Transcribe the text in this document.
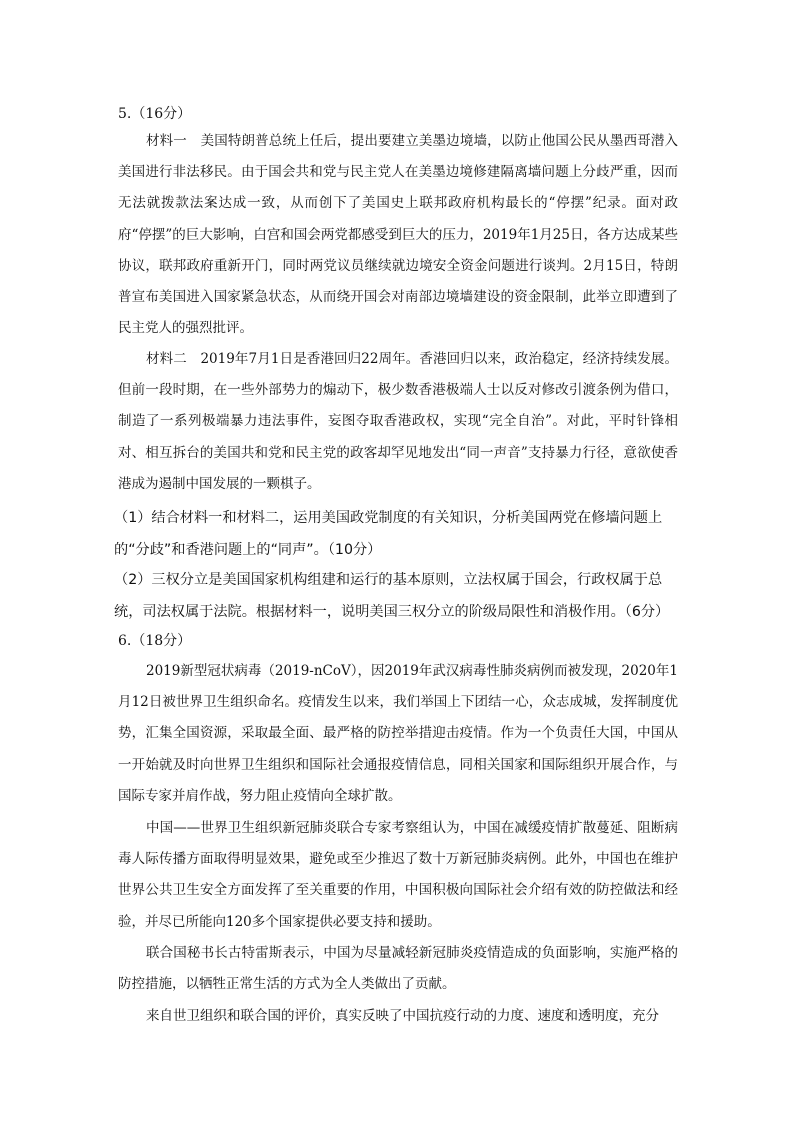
5.（16分）
材料一　美国特朗普总统上任后，提出要建立美墨边境墙，以防止他国公民从墨西哥潜入美国进行非法移民。由于国会共和党与民主党人在美墨边境修建隔离墙问题上分歧严重，因而无法就拨款法案达成一致，从而创下了美国史上联邦政府机构最长的“停摆”纪录。面对政府“停摆”的巨大影响，白宫和国会两党都感受到巨大的压力，2019年1月25日，各方达成某些协议，联邦政府重新开门，同时两党议员继续就边境安全资金问题进行谈判。2月15日，特朗普宣布美国进入国家紧急状态，从而绕开国会对南部边境墙建设的资金限制，此举立即遭到了民主党人的强烈批评。
材料二　2019年7月1日是香港回归22周年。香港回归以来，政治稳定，经济持续发展。但前一段时期，在一些外部势力的煽动下，极少数香港极端人士以反对修改引渡条例为借口，制造了一系列极端暴力违法事件，妄图夺取香港政权，实现“完全自治”。对此，平时针锋相对、相互拆台的美国共和党和民主党的政客却罕见地发出“同一声音”支持暴力行径，意欲使香港成为遏制中国发展的一颗棋子。
（1）结合材料一和材料二，运用美国政党制度的有关知识，分析美国两党在修墙问题上的“分歧”和香港问题上的“同声”。（10分）
（2）三权分立是美国国家机构组建和运行的基本原则，立法权属于国会，行政权属于总统，司法权属于法院。根据材料一，说明美国三权分立的阶级局限性和消极作用。（6分）
6.（18分）
2019新型冠状病毒（2019-nCoV），因2019年武汉病毒性肺炎病例而被发现，2020年1月12日被世界卫生组织命名。疫情发生以来，我们举国上下团结一心，众志成城，发挥制度优势，汇集全国资源，采取最全面、最严格的防控举措迎击疫情。作为一个负责任大国，中国从一开始就及时向世界卫生组织和国际社会通报疫情信息，同相关国家和国际组织开展合作，与国际专家并肩作战，努力阻止疫情向全球扩散。
中国——世界卫生组织新冠肺炎联合专家考察组认为，中国在减缓疫情扩散蔓延、阻断病毒人际传播方面取得明显效果，避免或至少推迟了数十万新冠肺炎病例。此外，中国也在维护世界公共卫生安全方面发挥了至关重要的作用，中国积极向国际社会介绍有效的防控做法和经验，并尽已所能向120多个国家提供必要支持和援助。
联合国秘书长古特雷斯表示，中国为尽量减轻新冠肺炎疫情造成的负面影响，实施严格的防控措施，以牺牲正常生活的方式为全人类做出了贡献。
来自世卫组织和联合国的评价，真实反映了中国抗疫行动的力度、速度和透明度，充分
